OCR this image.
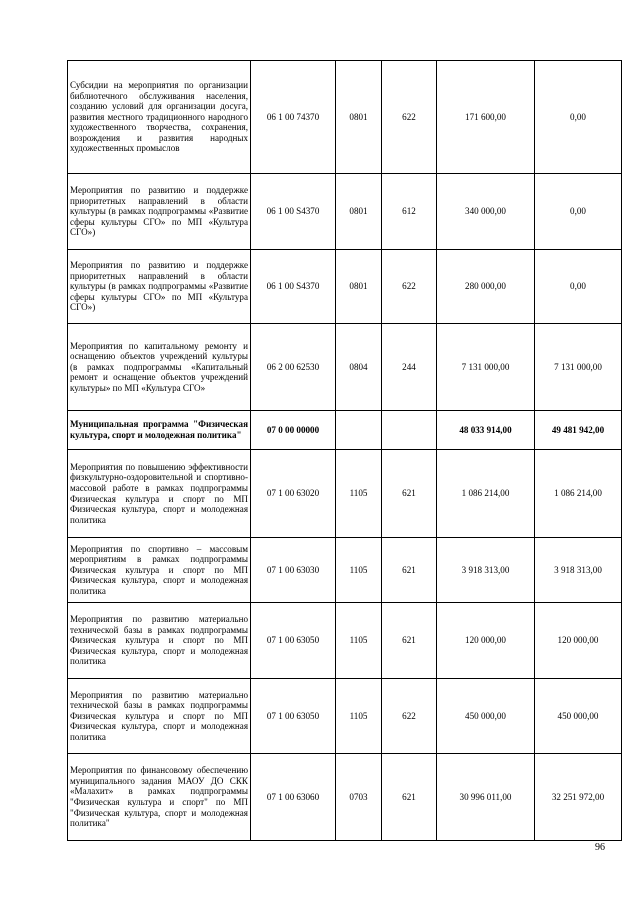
Субсидии на мероприятия по организации библиотечного обслуживания населения, созданию условий для организации досуга, развития местного традиционного народного художественного творчества, сохранения, возрождения и развития народных художественных промыслов	06 1 00 74370	0801	622	171 600,00	0,00
Мероприятия по развитию и поддержке приоритетных направлений в области культуры (в рамках подпрограммы «Развитие сферы культуры СГО» по МП «Культура СГО»)	06 1 00 S4370	0801	612	340 000,00	0,00
Мероприятия по развитию и поддержке приоритетных направлений в области культуры (в рамках подпрограммы «Развитие сферы культуры СГО» по МП «Культура СГО»)	06 1 00 S4370	0801	622	280 000,00	0,00
Мероприятия по капитальному ремонту и оснащению объектов учреждений культуры (в рамках подпрограммы «Капитальный ремонт и оснащение объектов учреждений культуры» по МП «Культура СГО»	06 2 00 62530	0804	244	7 131 000,00	7 131 000,00
Муниципальная программа "Физическая культура, спорт и молодежная политика"	07 0 00 00000			48 033 914,00	49 481 942,00
Мероприятия по повышению эффективности физкультурно-оздоровительной и спортивно-массовой работе в рамках подпрограммы Физическая культура и спорт по МП Физическая культура, спорт и молодежная политика	07 1 00 63020	1105	621	1 086 214,00	1 086 214,00
Мероприятия по спортивно – массовым мероприятиям в рамках подпрограммы Физическая культура и спорт по МП Физическая культура, спорт и молодежная политика	07 1 00 63030	1105	621	3 918 313,00	3 918 313,00
Мероприятия по развитию материально технической базы в рамках подпрограммы Физическая культура и спорт по МП Физическая культура, спорт и молодежная политика	07 1 00 63050	1105	621	120 000,00	120 000,00
Мероприятия по развитию материально технической базы в рамках подпрограммы Физическая культура и спорт по МП Физическая культура, спорт и молодежная политика	07 1 00 63050	1105	622	450 000,00	450 000,00
Мероприятия по финансовому обеспечению муниципального задания МАОУ ДО СКК «Малахит» в рамках подпрограммы "Физическая культура и спорт" по МП "Физическая культура, спорт и молодежная политика"	07 1 00 63060	0703	621	30 996 011,00	32 251 972,00
96
